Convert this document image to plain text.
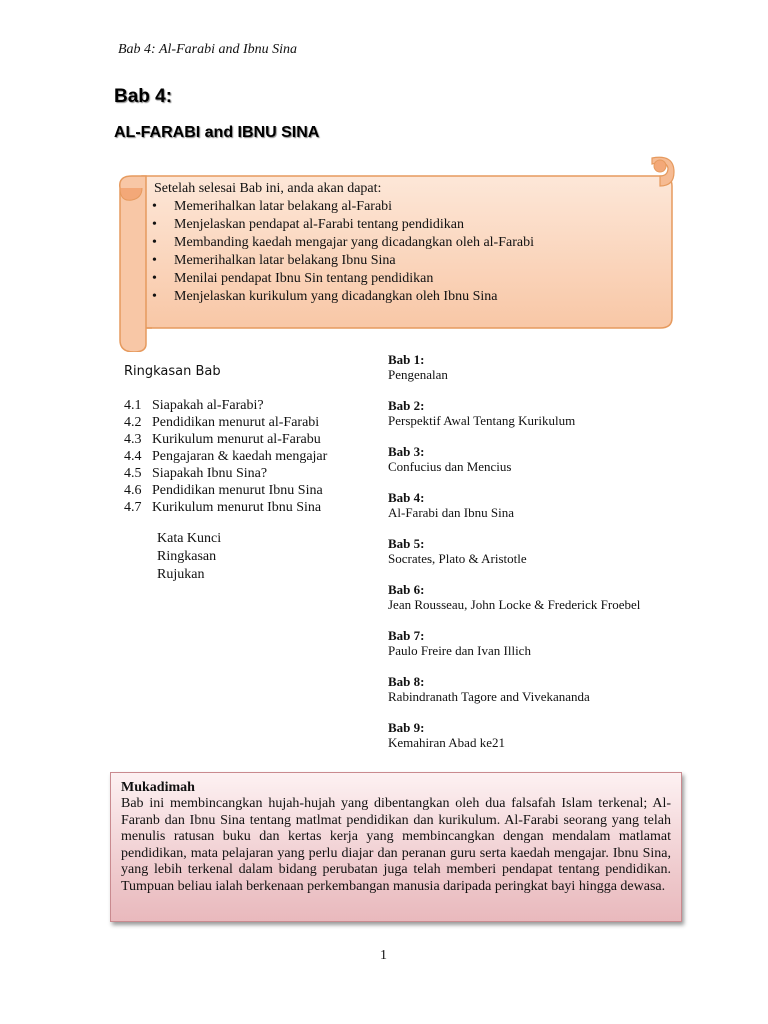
Bab 4: Al-Farabi and Ibnu Sina
Bab 4:
AL-FARABI and IBNU SINA
Setelah selesai Bab ini, anda akan dapat:
• Memerihalkan latar belakang al-Farabi
• Menjelaskan pendapat al-Farabi tentang pendidikan
• Membanding kaedah mengajar yang dicadangkan oleh al-Farabi
• Memerihalkan latar belakang Ibnu Sina
• Menilai pendapat Ibnu Sin tentang pendidikan
• Menjelaskan kurikulum yang dicadangkan oleh Ibnu Sina
Ringkasan Bab
4.1 Siapakah al-Farabi?
4.2 Pendidikan menurut al-Farabi
4.3 Kurikulum menurut al-Farabu
4.4 Pengajaran & kaedah mengajar
4.5 Siapakah Ibnu Sina?
4.6 Pendidikan menurut Ibnu Sina
4.7 Kurikulum menurut Ibnu Sina
Kata Kunci
Ringkasan
Rujukan
Bab 1:
Pengenalan
Bab 2:
Perspektif Awal Tentang Kurikulum
Bab 3:
Confucius dan Mencius
Bab 4:
Al-Farabi dan Ibnu Sina
Bab 5:
Socrates, Plato & Aristotle
Bab 6:
Jean Rousseau, John Locke & Frederick Froebel
Bab 7:
Paulo Freire dan Ivan Illich
Bab 8:
Rabindranath Tagore and Vivekananda
Bab 9:
Kemahiran Abad ke21
Mukadimah
Bab ini membincangkan hujah-hujah yang dibentangkan oleh dua falsafah Islam terkenal; Al-Faranb dan Ibnu Sina tentang matlmat pendidikan dan kurikulum. Al-Farabi seorang yang telah menulis ratusan buku dan kertas kerja yang membincangkan dengan mendalam matlamat pendidikan, mata pelajaran yang perlu diajar dan peranan guru serta kaedah mengajar. Ibnu Sina, yang lebih terkenal dalam bidang perubatan juga telah memberi pendapat tentang pendidikan. Tumpuan beliau ialah berkenaan perkembangan manusia daripada peringkat bayi hingga dewasa.
1
